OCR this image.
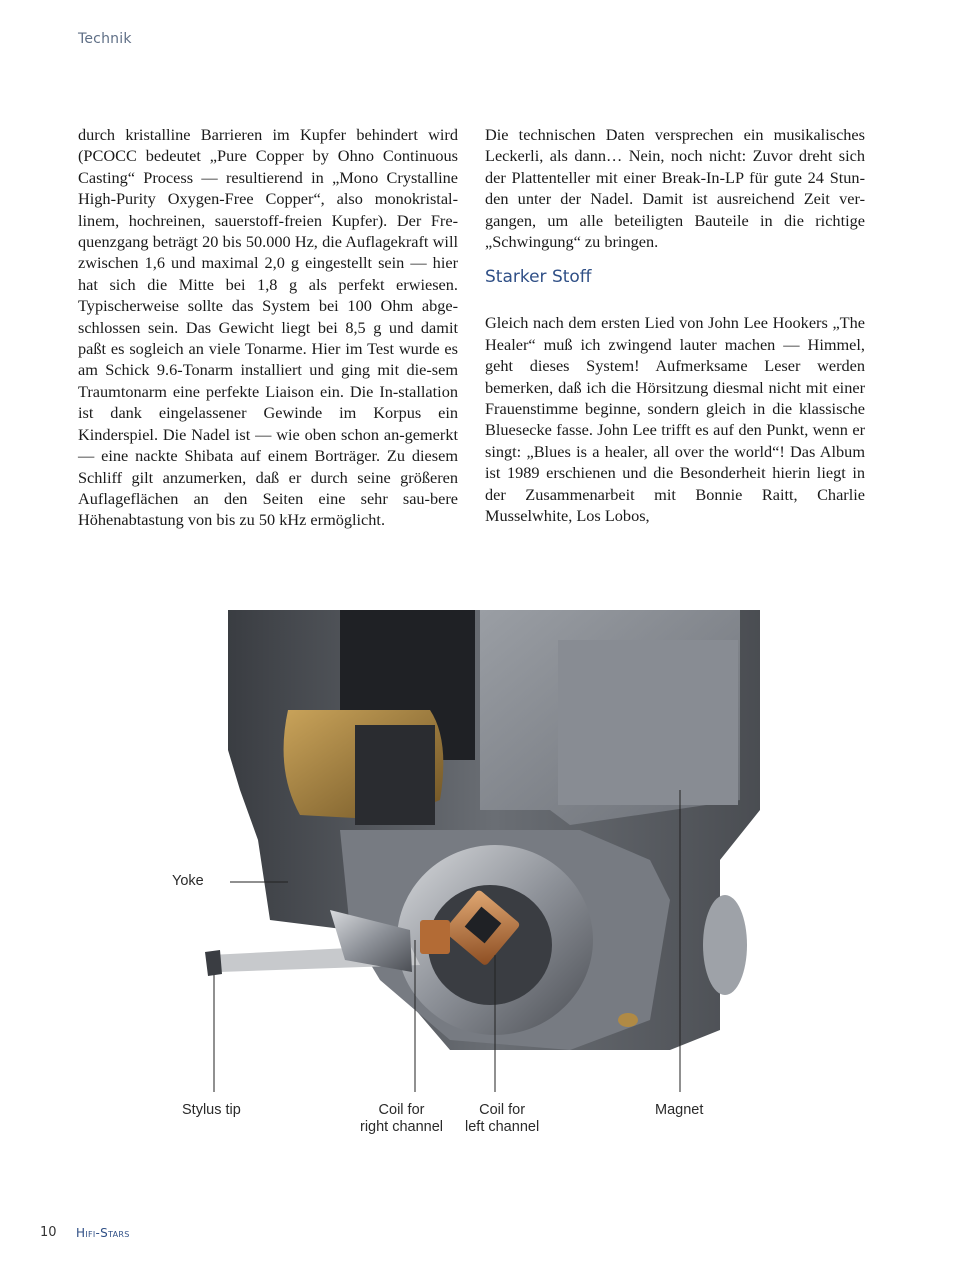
Technik

durch kristalline Barrieren im Kupfer behindert wird (PCOCC bedeutet „Pure Copper by Ohno Continuous Casting“ Process — resultierend in „Mono Crystalline High-Purity Oxygen-Free Copper“, also monokristal-linem, hochreinen, sauerstoff-freien Kupfer). Der Fre-quenzgang beträgt 20 bis 50.000 Hz, die Auflagekraft will zwischen 1,6 und maximal 2,0 g eingestellt sein — hier hat sich die Mitte bei 1,8 g als perfekt erwiesen. Typischerweise sollte das System bei 100 Ohm abge-schlossen sein. Das Gewicht liegt bei 8,5 g und damit paßt es sogleich an viele Tonarme. Hier im Test wurde es am Schick 9.6-Tonarm installiert und ging mit die-sem Traumtonarm eine perfekte Liaison ein. Die In-stallation ist dank eingelassener Gewinde im Korpus ein Kinderspiel. Die Nadel ist — wie oben schon an-gemerkt — eine nackte Shibata auf einem Borträger. Zu diesem Schliff gilt anzumerken, daß er durch seine größeren Auflageflächen an den Seiten eine sehr sau-bere Höhenabtastung von bis zu 50 kHz ermöglicht.

Die technischen Daten versprechen ein musikalisches Leckerli, als dann… Nein, noch nicht: Zuvor dreht sich der Plattenteller mit einer Break-In-LP für gute 24 Stun-den unter der Nadel. Damit ist ausreichend Zeit ver-gangen, um alle beteiligten Bauteile in die richtige „Schwingung“ zu bringen.

Starker Stoff

Gleich nach dem ersten Lied von John Lee Hookers „The Healer“ muß ich zwingend lauter machen — Himmel, geht dieses System! Aufmerksame Leser werden bemerken, daß ich die Hörsitzung diesmal nicht mit einer Frauenstimme beginne, sondern gleich in die klassische Bluesecke fasse. John Lee trifft es auf den Punkt, wenn er singt: „Blues is a healer, all over the world“! Das Album ist 1989 erschienen und die Besonderheit hierin liegt in der Zusammenarbeit mit Bonnie Raitt, Charlie Musselwhite, Los Lobos,

Yoke
Stylus tip	Coil for
right channel
Coil for
left channel
Magnet
10 Hifi-Stars
